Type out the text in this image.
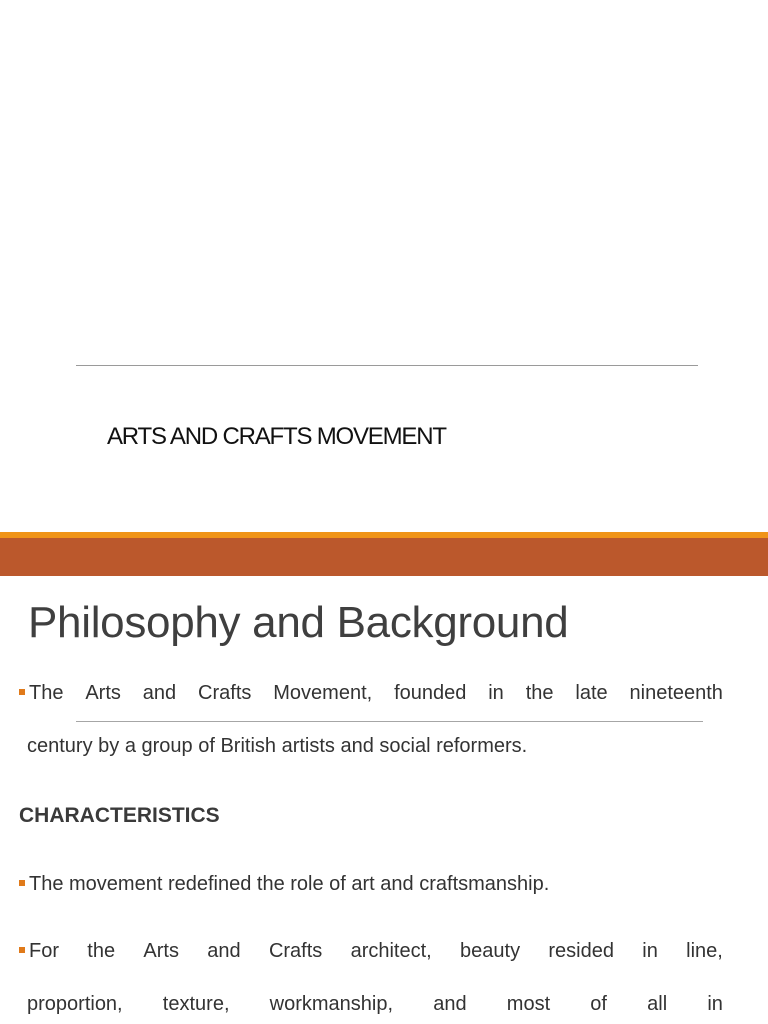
ARTS AND CRAFTS MOVEMENT
Philosophy and Background
The Arts and Crafts Movement, founded in the late nineteenth
century by a group of British artists and social reformers.
CHARACTERISTICS
The movement redefined the role of art and craftsmanship.
For the Arts and Crafts architect, beauty resided in line,
proportion, texture, workmanship, and most of all in
